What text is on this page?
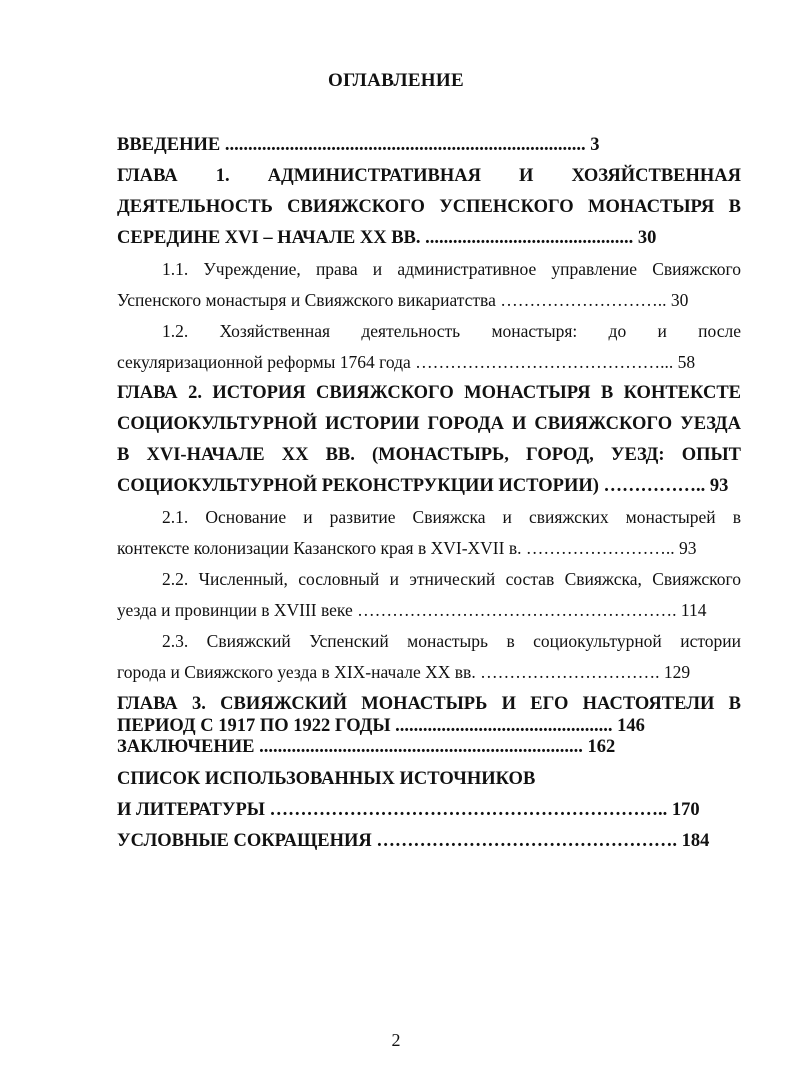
ОГЛАВЛЕНИЕ
ВВЕДЕНИЕ .............................................................................. 3
ГЛАВА 1. АДМИНИСТРАТИВНАЯ И ХОЗЯЙСТВЕННАЯ
ДЕЯТЕЛЬНОСТЬ СВИЯЖСКОГО УСПЕНСКОГО МОНАСТЫРЯ В
СЕРЕДИНЕ XVI – НАЧАЛЕ XX ВВ. ............................................. 30
1.1. Учреждение, права и административное управление Свияжского
Успенского монастыря и Свияжского викариатства ……………………….. 30
1.2. Хозяйственная деятельность монастыря: до и после
секуляризационной реформы 1764 года ……………………………………... 58
ГЛАВА 2. ИСТОРИЯ СВИЯЖСКОГО МОНАСТЫРЯ В КОНТЕКСТЕ
СОЦИОКУЛЬТУРНОЙ ИСТОРИИ ГОРОДА И СВИЯЖСКОГО УЕЗДА
В XVI-НАЧАЛЕ XX ВВ. (МОНАСТЫРЬ, ГОРОД, УЕЗД: ОПЫТ
СОЦИОКУЛЬТУРНОЙ РЕКОНСТРУКЦИИ ИСТОРИИ) …………….. 93
2.1. Основание и развитие Свияжска и свияжских монастырей в
контексте колонизации Казанского края в XVI-XVII в. …………………….. 93
2.2. Численный, сословный и этнический состав Свияжска, Свияжского
уезда и провинции в XVIII веке ………………………………………………. 114
2.3. Свияжский Успенский монастырь в социокультурной истории
города и Свияжского уезда в XIX-начале XX вв. …………………………. 129
ГЛАВА 3. СВИЯЖСКИЙ МОНАСТЫРЬ И ЕГО НАСТОЯТЕЛИ В
ПЕРИОД С 1917 ПО 1922 ГОДЫ ............................................... 146
ЗАКЛЮЧЕНИЕ ...................................................................... 162
СПИСОК ИСПОЛЬЗОВАННЫХ ИСТОЧНИКОВ
И ЛИТЕРАТУРЫ ……………………………………………………….. 170
УСЛОВНЫЕ СОКРАЩЕНИЯ …………………………………………. 184
2
